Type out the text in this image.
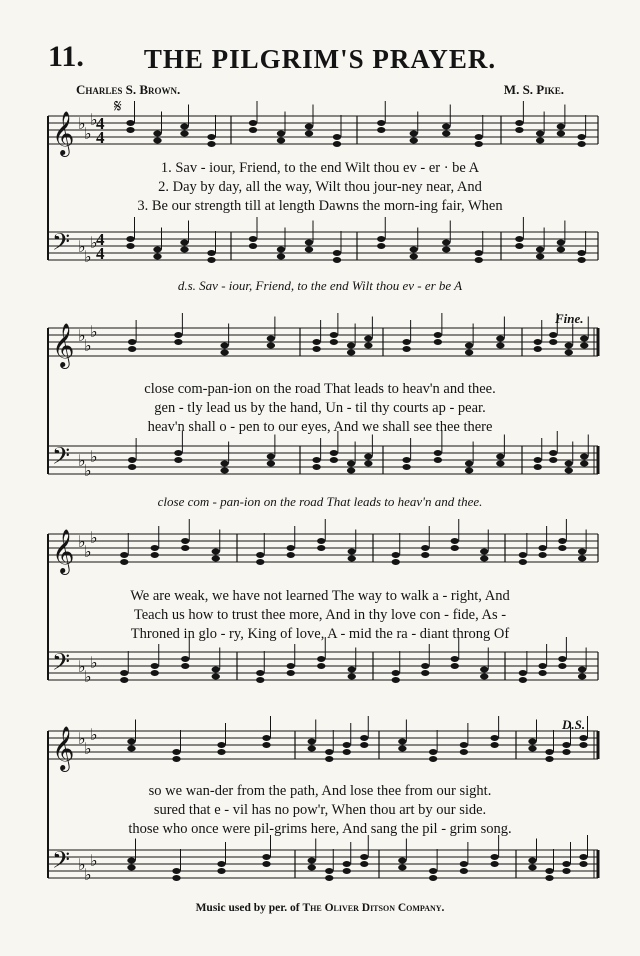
11.	THE PILGRIM'S PRAYER.
Charles S. Brown.	M. S. Pike.
𝄞 ♭
♭
♭
𝄢 ♭
♭
♭
𝄞 ♭
♭
♭
𝄢 ♭
♭
♭
𝄞 ♭
♭
♭
𝄢 ♭
♭
♭
𝄞 ♭
♭
♭
𝄢 ♭
♭
♭
4
4
4
4
𝄋
1. Sav - iour, Friend, to the end Wilt thou ev - er · be A
2. Day by day, all the way, Wilt thou jour-ney near, And
3. Be our strength till at length Dawns the morn-ing fair, When
d.s. Sav - iour, Friend, to the end Wilt thou ev - er be A
Fine.
close com-pan-ion on the road That leads to heav'n and thee.
gen - tly lead us by the hand, Un - til thy courts ap - pear.
heav'n shall o - pen to our eyes, And we shall see thee there
close com - pan-ion on the road That leads to heav'n and thee.
We are weak, we have not learned The way to walk a - right, And
Teach us how to trust thee more, And in thy love con - fide, As -
Throned in glo - ry, King of love, A - mid the ra - diant throng Of
D.S.
so we wan-der from the path, And lose thee from our sight.
sured that e - vil has no pow'r, When thou art by our side.
those who once were pil-grims here, And sang the pil - grim song.
Music used by per. of The Oliver Ditson Company.
